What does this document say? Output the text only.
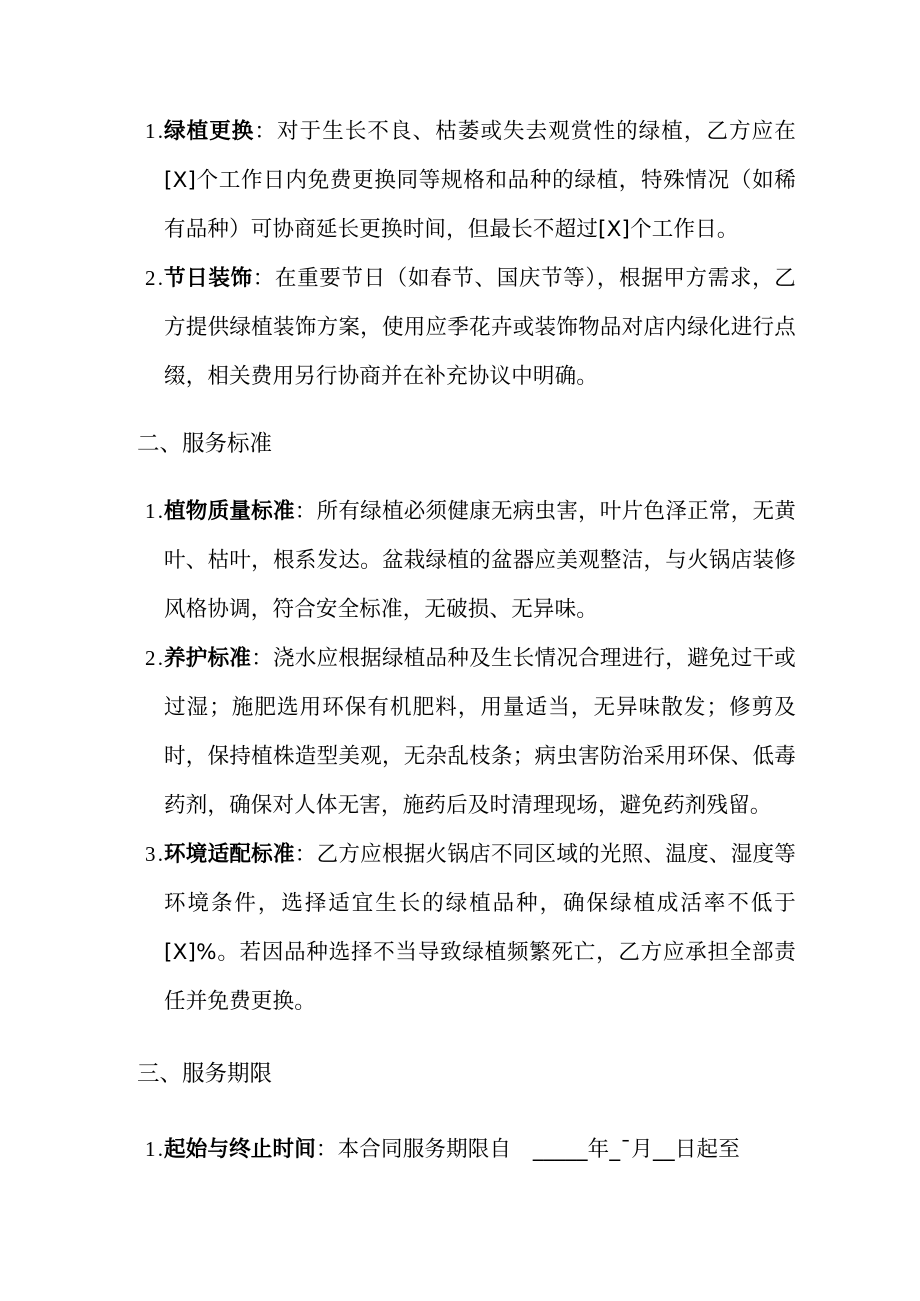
1 . 绿植更换：对于生长不良、枯萎或失去观赏性的绿植，乙方应在[X]个工作日内免费更换同等规格和品种的绿植，特殊情况（如稀有品种）可协商延长更换时间，但最长不超过[X]个工作日。
2 . 节日装饰：在重要节日（如春节、国庆节等），根据甲方需求，乙方提供绿植装饰方案，使用应季花卉或装饰物品对店内绿化进行点缀，相关费用另行协商并在补充协议中明确。
二、服务标准
1 . 植物质量标准：所有绿植必须健康无病虫害，叶片色泽正常，无黄叶、枯叶，根系发达。盆栽绿植的盆器应美观整洁，与火锅店装修风格协调，符合安全标准，无破损、无异味。
2 . 养护标准：浇水应根据绿植品种及生长情况合理进行，避免过干或过湿；施肥选用环保有机肥料，用量适当，无异味散发；修剪及时，保持植株造型美观，无杂乱枝条；病虫害防治采用环保、低毒药剂，确保对人体无害，施药后及时清理现场，避免药剂残留。
3 . 环境适配标准：乙方应根据火锅店不同区域的光照、温度、湿度等环境条件，选择适宜生长的绿植品种，确保绿植成活率不低于[X]%。若因品种选择不当导致绿植频繁死亡，乙方应承担全部责任并免费更换。
三、服务期限
1 . 起始与终止时间：本合同服务期限自　_____年_¯月__日起至
